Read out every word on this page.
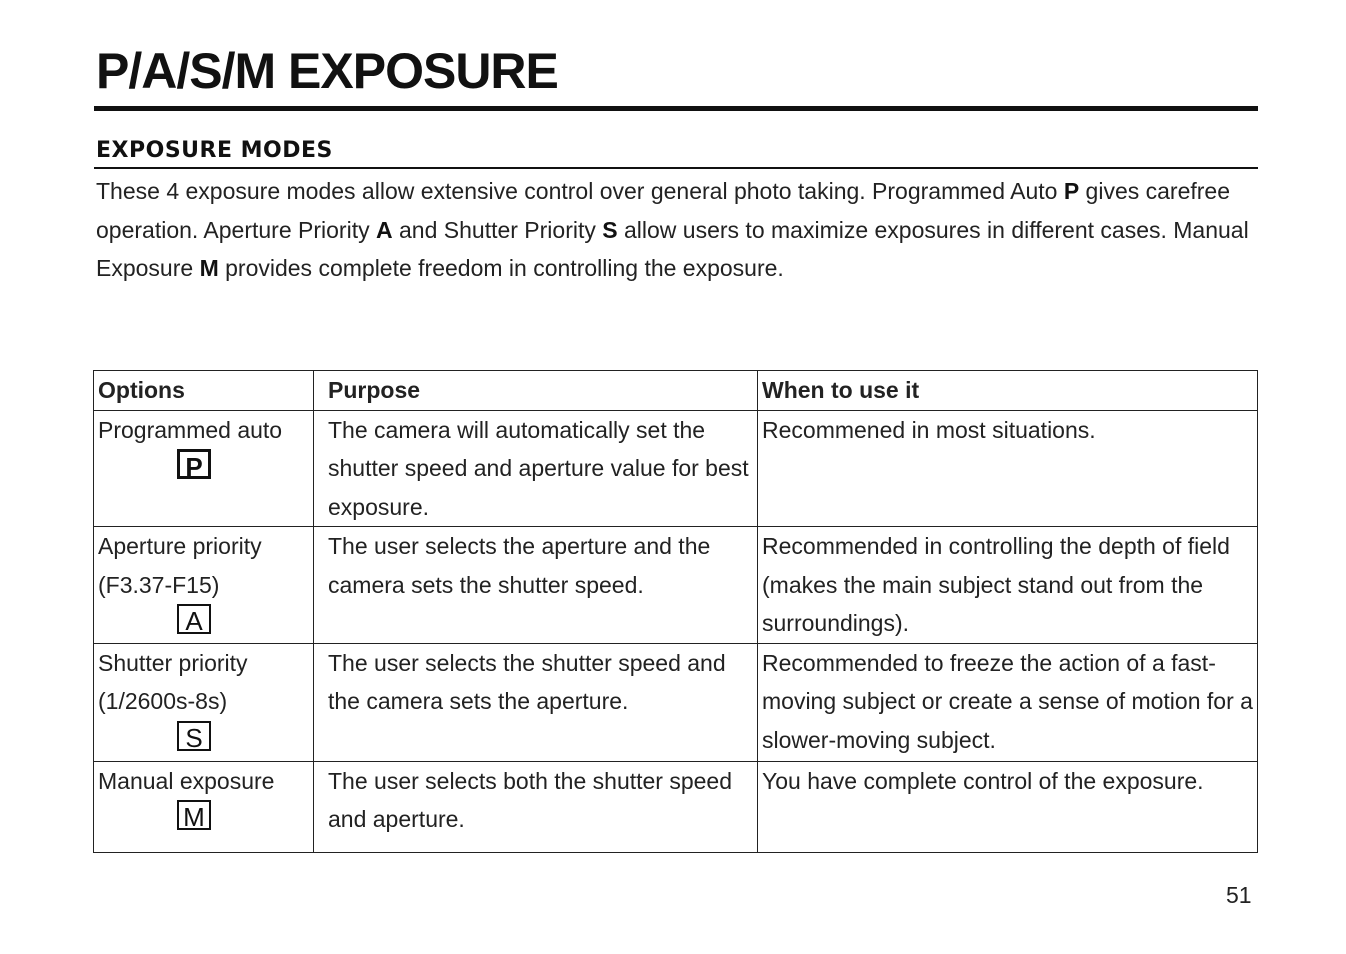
P/A/S/M EXPOSURE
EXPOSURE MODES

These 4 exposure modes allow extensive control over general photo taking. Programmed Auto P gives carefree operation. Aperture Priority A and Shutter Priority S allow users to maximize exposures in different cases. Manual Exposure M provides complete freedom in controlling the exposure.

Options	Purpose	When to use it

Programmed auto
P	The camera will automatically set the shutter speed and aperture value for best exposure.	Recommened in most situations.

Aperture priority
(F3.37-F15)
A	The user selects the aperture and the camera sets the shutter speed.	Recommended in controlling the depth of field (makes the main subject stand out from the surroundings).

Shutter priority
(1/2600s-8s)
S	The user selects the shutter speed and the camera sets the aperture.	Recommended to freeze the action of a fast-moving subject or create a sense of motion for a slower-moving subject.

Manual exposure
M	The user selects both the shutter speed and aperture.	You have complete control of the exposure.
51
